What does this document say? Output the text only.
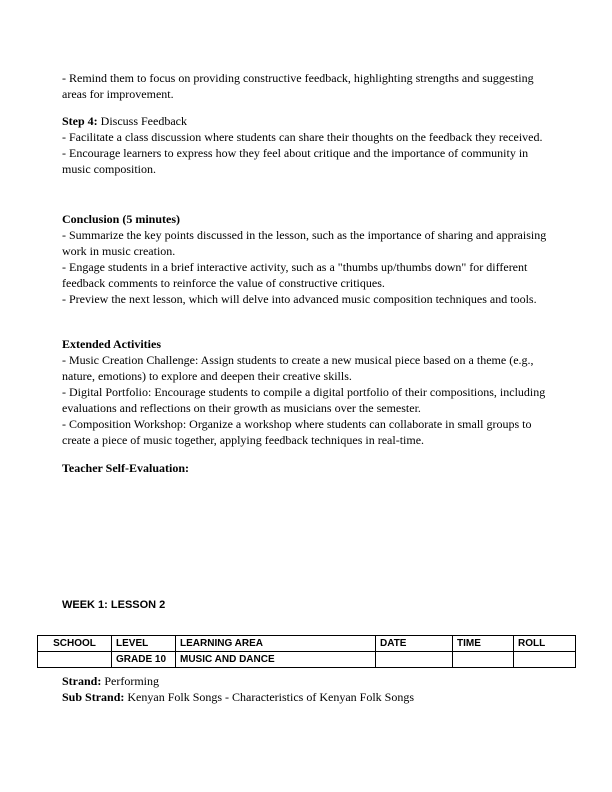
- Remind them to focus on providing constructive feedback, highlighting strengths and suggesting areas for improvement.

Step 4: Discuss Feedback

- Facilitate a class discussion where students can share their thoughts on the feedback they received.

- Encourage learners to express how they feel about critique and the importance of community in music composition.

Conclusion (5 minutes)

- Summarize the key points discussed in the lesson, such as the importance of sharing and appraising work in music creation.

- Engage students in a brief interactive activity, such as a "thumbs up/thumbs down" for different feedback comments to reinforce the value of constructive critiques.

- Preview the next lesson, which will delve into advanced music composition techniques and tools.

Extended Activities

- Music Creation Challenge: Assign students to create a new musical piece based on a theme (e.g., nature, emotions) to explore and deepen their creative skills.

- Digital Portfolio: Encourage students to compile a digital portfolio of their compositions, including evaluations and reflections on their growth as musicians over the semester.

- Composition Workshop: Organize a workshop where students can collaborate in small groups to create a piece of music together, applying feedback techniques in real-time.

Teacher Self-Evaluation:

WEEK 1: LESSON 2
SCHOOL	LEVEL	LEARNING AREA	DATE	TIME	ROLL
	GRADE 10	MUSIC AND DANCE			

Strand: Performing

Sub Strand: Kenyan Folk Songs - Characteristics of Kenyan Folk Songs
